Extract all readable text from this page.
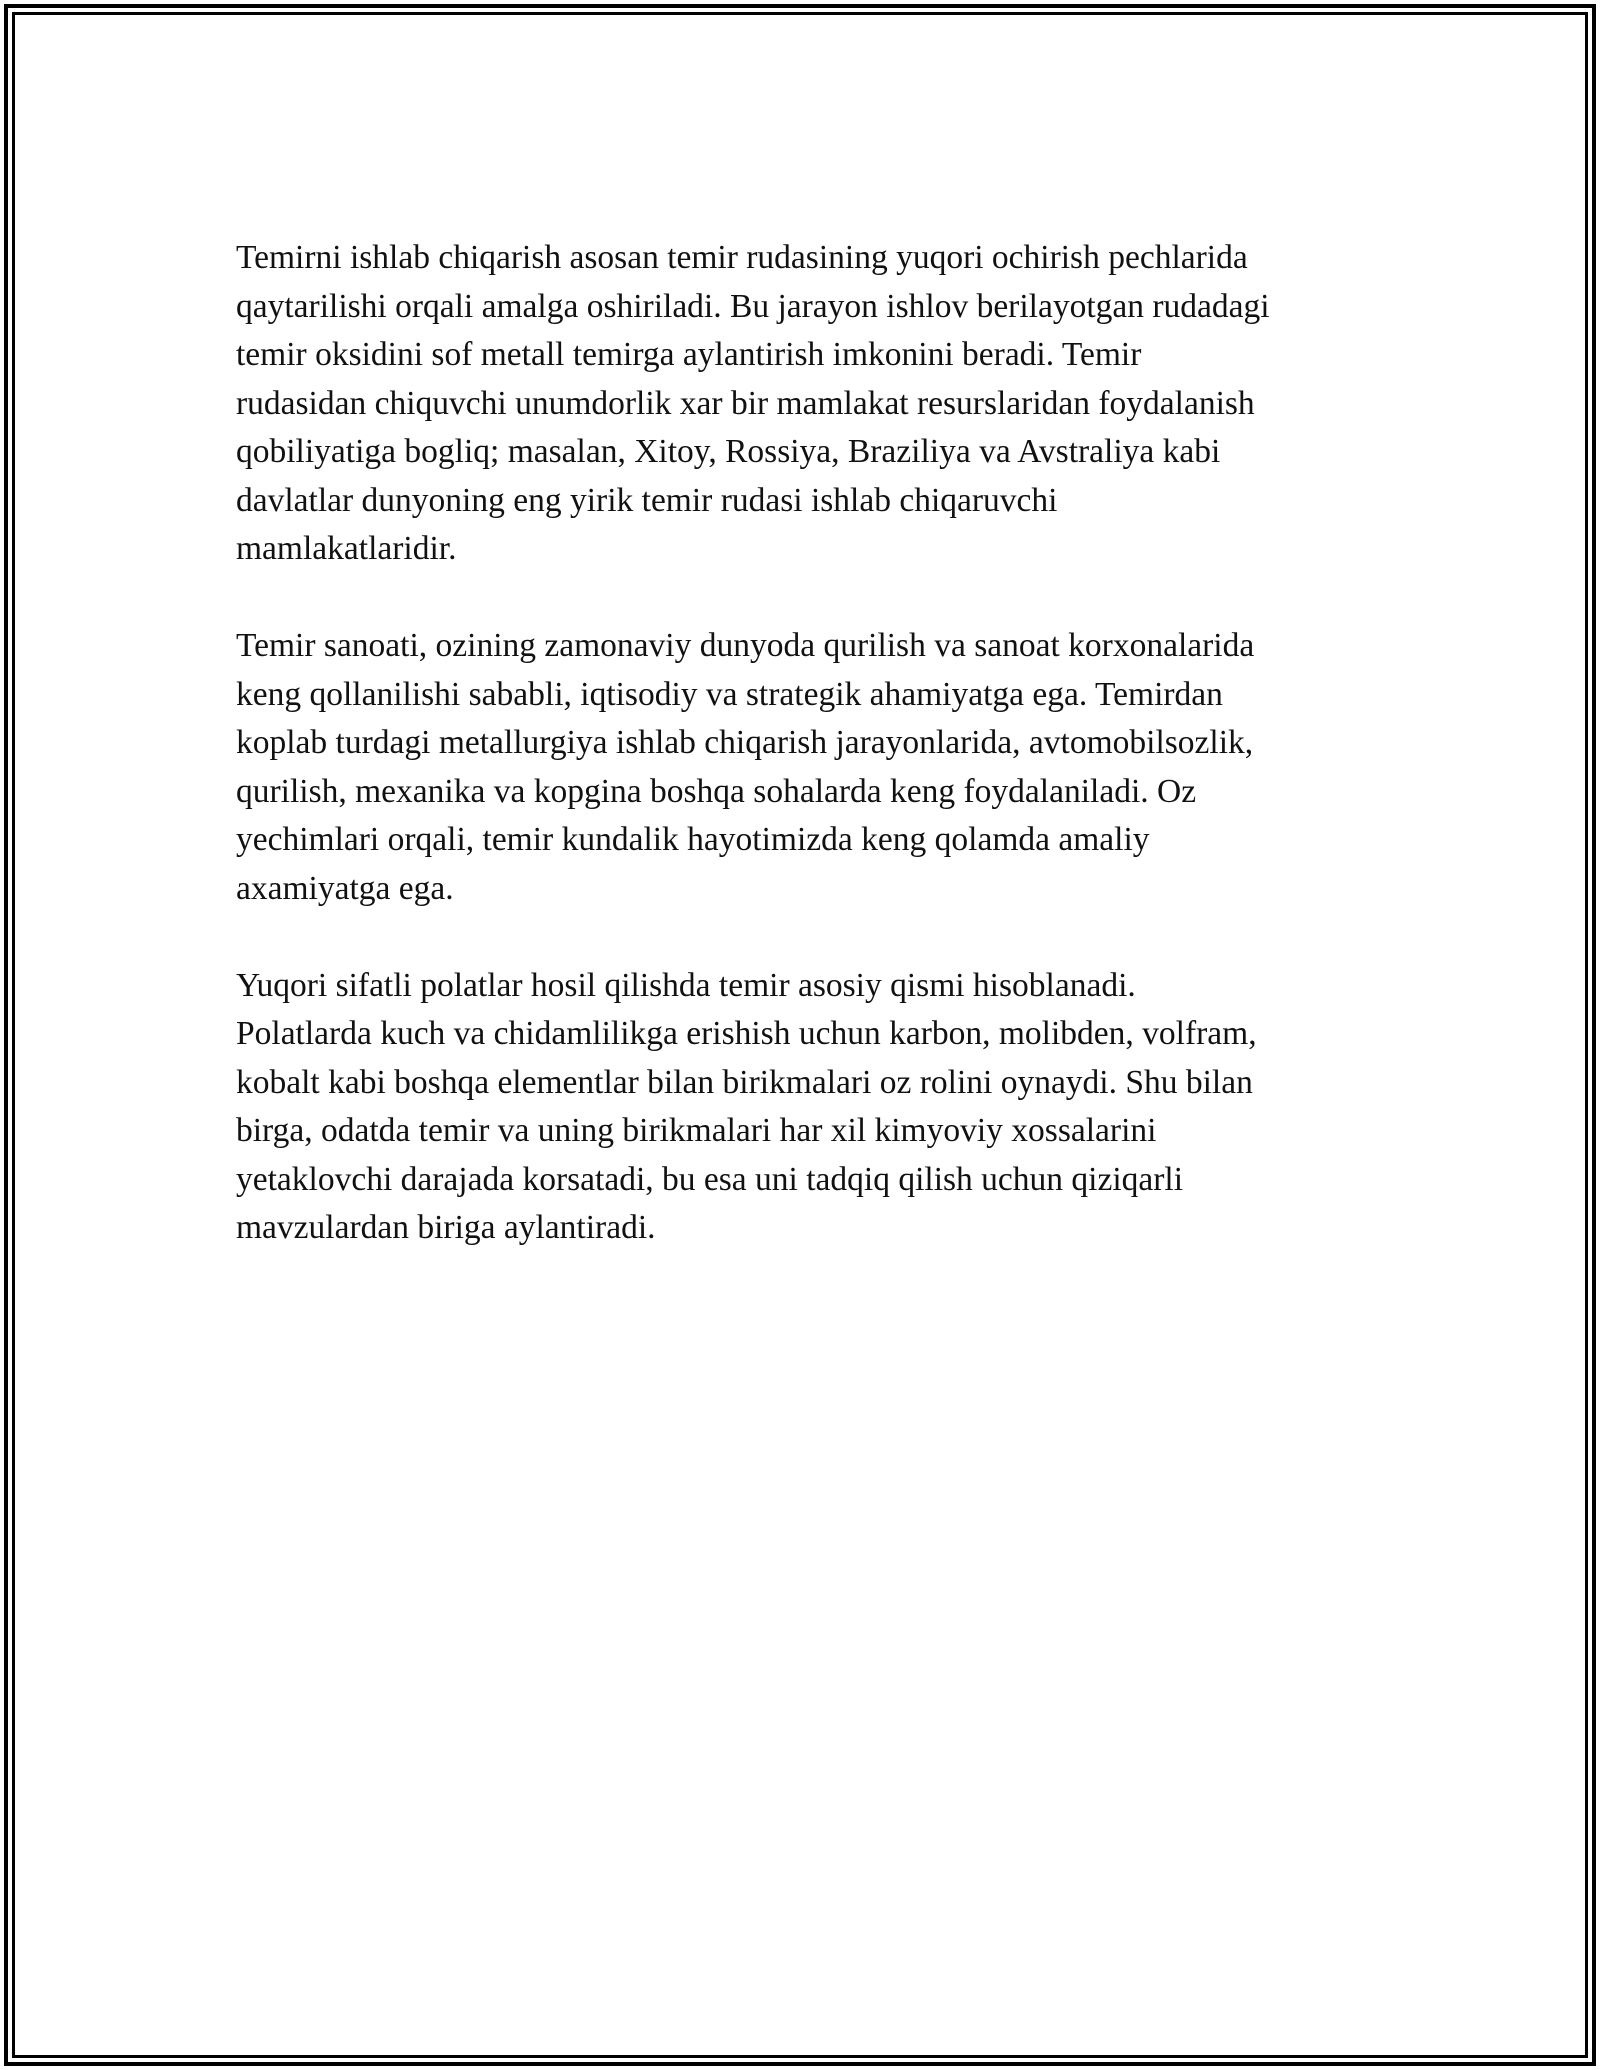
Temirni ishlab chiqarish asosan temir rudasining yuqori ochirish pechlarida
qaytarilishi orqali amalga oshiriladi. Bu jarayon ishlov berilayotgan rudadagi
temir oksidini sof metall temirga aylantirish imkonini beradi. Temir
rudasidan chiquvchi unumdorlik xar bir mamlakat resurslaridan foydalanish
qobiliyatiga bogliq; masalan, Xitoy, Rossiya, Braziliya va Avstraliya kabi
davlatlar dunyoning eng yirik temir rudasi ishlab chiqaruvchi
mamlakatlaridir.

Temir sanoati, ozining zamonaviy dunyoda qurilish va sanoat korxonalarida
keng qollanilishi sababli, iqtisodiy va strategik ahamiyatga ega. Temirdan
koplab turdagi metallurgiya ishlab chiqarish jarayonlarida, avtomobilsozlik,
qurilish, mexanika va kopgina boshqa sohalarda keng foydalaniladi. Oz
yechimlari orqali, temir kundalik hayotimizda keng qolamda amaliy
axamiyatga ega.

Yuqori sifatli polatlar hosil qilishda temir asosiy qismi hisoblanadi.
Polatlarda kuch va chidamlilikga erishish uchun karbon, molibden, volfram,
kobalt kabi boshqa elementlar bilan birikmalari oz rolini oynaydi. Shu bilan
birga, odatda temir va uning birikmalari har xil kimyoviy xossalarini
yetaklovchi darajada korsatadi, bu esa uni tadqiq qilish uchun qiziqarli
mavzulardan biriga aylantiradi.
